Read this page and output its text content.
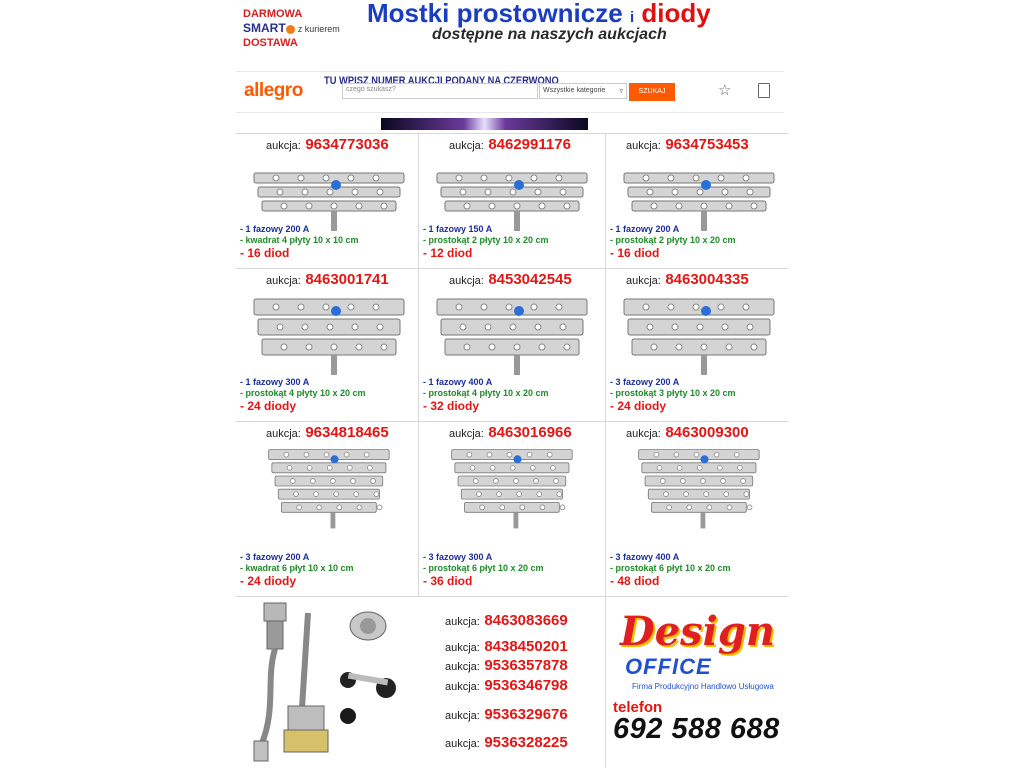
DARMOWA
SMART z kurierem
DOSTAWA
Mostki prostownicze i diody
dostępne na naszych aukcjach
allegro TU WPISZ NUMER AUKCJI PODANY NA CZERWONO
czego szukasz?	Wszystkie kategorie ▿	SZUKAJ	☆
aukcja: 9634773036
- 1 fazowy 200 A
- kwadrat 4 płyty 10 x 10 cm
- 16 diod
aukcja: 8462991176
- 1 fazowy 150 A
- prostokąt 2 płyty 10 x 20 cm
- 12 diod
aukcja: 9634753453
- 1 fazowy 200 A
- prostokąt 2 płyty 10 x 20 cm
- 16 diod
aukcja: 8463001741
- 1 fazowy 300 A
- prostokąt 4 płyty 10 x 20 cm
- 24 diody
aukcja: 8453042545
- 1 fazowy 400 A
- prostokąt 4 płyty 10 x 20 cm
- 32 diody
aukcja: 8463004335
- 3 fazowy 200 A
- prostokąt 3 płyty 10 x 20 cm
- 24 diody
aukcja: 9634818465
- 3 fazowy 200 A
- kwadrat 6 płyt 10 x 10 cm
- 24 diody
aukcja: 8463016966
- 3 fazowy 300 A
- prostokąt 6 płyt 10 x 20 cm
- 36 diod
aukcja: 8463009300
- 3 fazowy 400 A
- prostokąt 6 płyt 10 x 20 cm
- 48 diod
aukcja: 8463083669
aukcja: 8438450201
aukcja: 9536357878
aukcja: 9536346798
aukcja: 9536329676
aukcja: 9536328225
Design
OFFICE
Firma Produkcyjno Handlowo Usługowa
telefon
692 588 688
